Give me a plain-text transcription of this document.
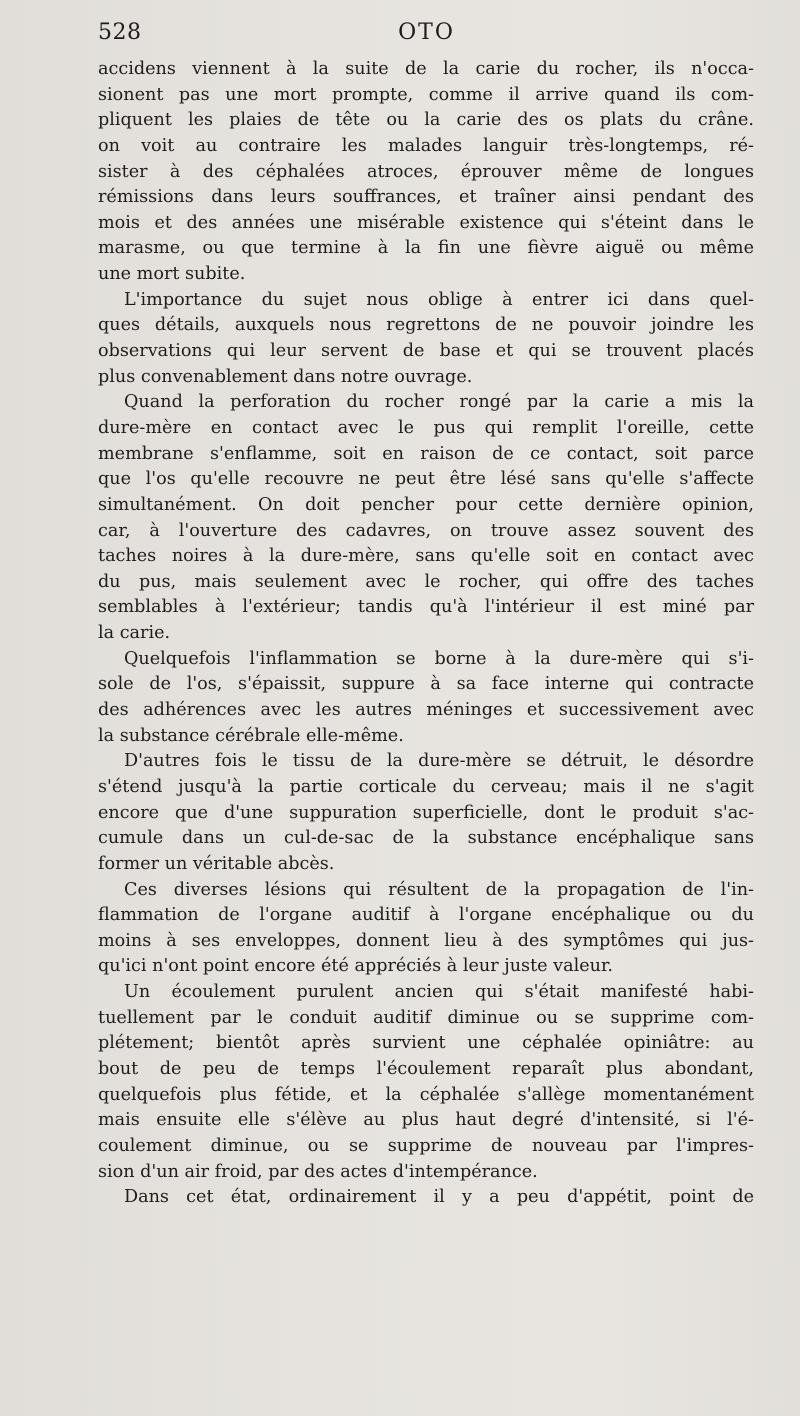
528	OTO
accidens viennent à la suite de la carie du rocher, ils n'occa-
sionent pas une mort prompte, comme il arrive quand ils com-
pliquent les plaies de tête ou la carie des os plats du crâne.
on voit au contraire les malades languir très-longtemps, ré-
sister à des céphalées atroces, éprouver même de longues
rémissions dans leurs souffrances, et traîner ainsi pendant des
mois et des années une misérable existence qui s'éteint dans le
marasme, ou que termine à la fin une fièvre aiguë ou même
une mort subite.
L'importance du sujet nous oblige à entrer ici dans quel-
ques détails, auxquels nous regrettons de ne pouvoir joindre les
observations qui leur servent de base et qui se trouvent placés
plus convenablement dans notre ouvrage.
Quand la perforation du rocher rongé par la carie a mis la
dure-mère en contact avec le pus qui remplit l'oreille, cette
membrane s'enflamme, soit en raison de ce contact, soit parce
que l'os qu'elle recouvre ne peut être lésé sans qu'elle s'affecte
simultanément. On doit pencher pour cette dernière opinion,
car, à l'ouverture des cadavres, on trouve assez souvent des
taches noires à la dure-mère, sans qu'elle soit en contact avec
du pus, mais seulement avec le rocher, qui offre des taches
semblables à l'extérieur; tandis qu'à l'intérieur il est miné par
la carie.
Quelquefois l'inflammation se borne à la dure-mère qui s'i-
sole de l'os, s'épaissit, suppure à sa face interne qui contracte
des adhérences avec les autres méninges et successivement avec
la substance cérébrale elle-même.
D'autres fois le tissu de la dure-mère se détruit, le désordre
s'étend jusqu'à la partie corticale du cerveau; mais il ne s'agit
encore que d'une suppuration superficielle, dont le produit s'ac-
cumule dans un cul-de-sac de la substance encéphalique sans
former un véritable abcès.
Ces diverses lésions qui résultent de la propagation de l'in-
flammation de l'organe auditif à l'organe encéphalique ou du
moins à ses enveloppes, donnent lieu à des symptômes qui jus-
qu'ici n'ont point encore été appréciés à leur juste valeur.
Un écoulement purulent ancien qui s'était manifesté habi-
tuellement par le conduit auditif diminue ou se supprime com-
plétement; bientôt après survient une céphalée opiniâtre: au
bout de peu de temps l'écoulement reparaît plus abondant,
quelquefois plus fétide, et la céphalée s'allège momentanément
mais ensuite elle s'élève au plus haut degré d'intensité, si l'é-
coulement diminue, ou se supprime de nouveau par l'impres-
sion d'un air froid, par des actes d'intempérance.
Dans cet état, ordinairement il y a peu d'appétit, point de
